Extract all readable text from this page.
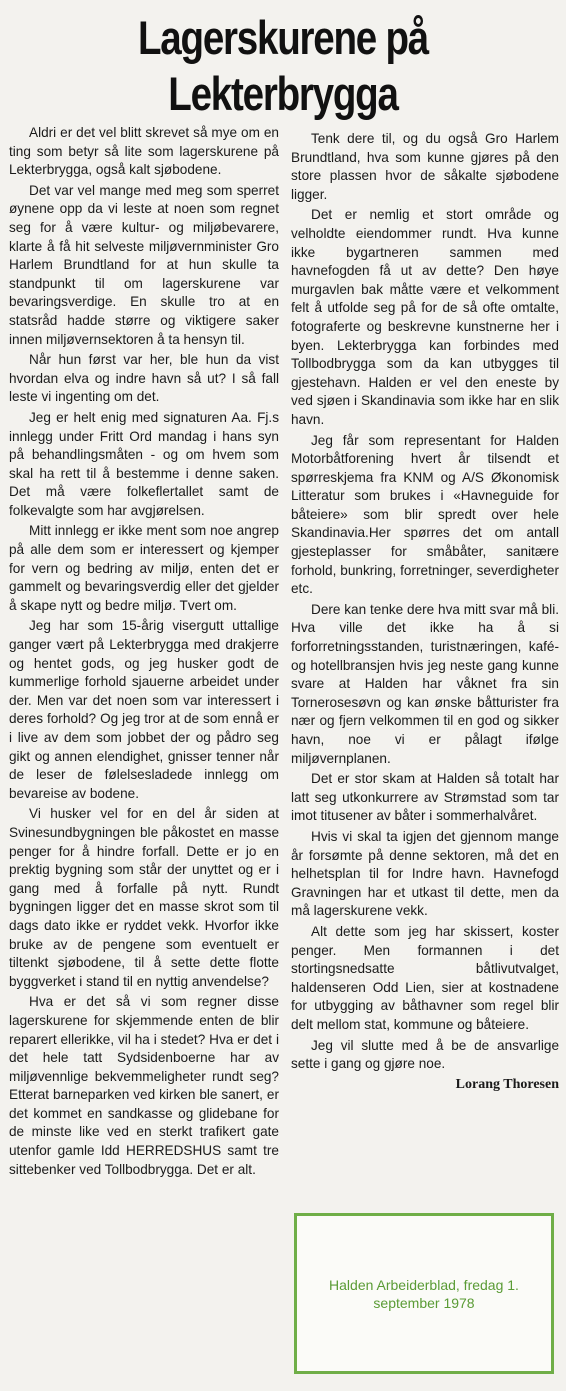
Lagerskurene på
Lekterbrygga

Aldri er det vel blitt skrevet så mye om en ting som betyr så lite som lagerskurene på Lekterbrygga, også kalt sjøbodene.

Det var vel mange med meg som sperret øynene opp da vi leste at noen som regnet seg for å være kultur- og miljøbevarere, klarte å få hit selveste miljøvernminister Gro Harlem Brundtland for at hun skulle ta standpunkt til om lagerskurene var bevaringsverdige. En skulle tro at en statsråd hadde større og viktigere saker innen miljøvernsektoren å ta hensyn til.

Når hun først var her, ble hun da vist hvordan elva og indre havn så ut? I så fall leste vi ingenting om det.

Jeg er helt enig med signaturen Aa. Fj.s innlegg under Fritt Ord mandag i hans syn på behandlingsmåten - og om hvem som skal ha rett til å bestemme i denne saken. Det må være folkeflertallet samt de folkevalgte som har avgjørelsen.

Mitt innlegg er ikke ment som noe angrep på alle dem som er interessert og kjemper for vern og bedring av miljø, enten det er gammelt og bevaringsverdig eller det gjelder å skape nytt og bedre miljø. Tvert om.

Jeg har som 15-årig visergutt uttallige ganger vært på Lekterbrygga med drakjerre og hentet gods, og jeg husker godt de kummerlige forhold sjauerne arbeidet under der. Men var det noen som var interessert i deres forhold? Og jeg tror at de som ennå er i live av dem som jobbet der og pådro seg gikt og annen elendighet, gnisser tenner når de leser de følelsesladede innlegg om bevareise av bodene.

Vi husker vel for en del år siden at Svinesundbygningen ble påkostet en masse penger for å hindre forfall. Dette er jo en prektig bygning som står der unyttet og er i gang med å forfalle på nytt. Rundt bygningen ligger det en masse skrot som til dags dato ikke er ryddet vekk. Hvorfor ikke bruke av de pengene som eventuelt er tiltenkt sjøbodene, til å sette dette flotte byggverket i stand til en nyttig anvendelse?

Hva er det så vi som regner disse lagerskurene for skjemmende enten de blir reparert ellerikke, vil ha i stedet? Hva er det i det hele tatt Sydsidenboerne har av miljøvennlige bekvemmeligheter rundt seg? Etterat barneparken ved kirken ble sanert, er det kommet en sandkasse og glidebane for de minste like ved en sterkt trafikert gate utenfor gamle Idd HERREDSHUS samt tre sittebenker ved Tollbodbrygga. Det er alt.

Tenk dere til, og du også Gro Harlem Brundtland, hva som kunne gjøres på den store plassen hvor de såkalte sjøbodene ligger.

Det er nemlig et stort område og velholdte eiendommer rundt. Hva kunne ikke bygartneren sammen med havnefogden få ut av dette? Den høye murgavlen bak måtte være et velkomment felt å utfolde seg på for de så ofte omtalte, fotograferte og beskrevne kunstnerne her i byen. Lekterbrygga kan forbindes med Tollbodbrygga som da kan utbygges til gjestehavn. Halden er vel den eneste by ved sjøen i Skandinavia som ikke har en slik havn.

Jeg får som representant for Halden Motorbåtforening hvert år tilsendt et spørreskjema fra KNM og A/S Økonomisk Litteratur som brukes i «Havneguide for båteiere» som blir spredt over hele Skandinavia.Her spørres det om antall gjesteplasser for småbåter, sanitære forhold, bunkring, forretninger, severdigheter etc.

Dere kan tenke dere hva mitt svar må bli. Hva ville det ikke ha å si forforretningsstanden, turistnæringen, kafé- og hotellbransjen hvis jeg neste gang kunne svare at Halden har våknet fra sin Tornerosesøvn og kan ønske båtturister fra nær og fjern velkommen til en god og sikker havn, noe vi er pålagt ifølge miljøvernplanen.

Det er stor skam at Halden så totalt har latt seg utkonkurrere av Strømstad som tar imot titusener av båter i sommerhalvåret.

Hvis vi skal ta igjen det gjennom mange år forsømte på denne sektoren, må det en helhetsplan til for Indre havn. Havnefogd Gravningen har et utkast til dette, men da må lagerskurene vekk.

Alt dette som jeg har skissert, koster penger. Men formannen i det stortingsnedsatte båtlivutvalget, haldenseren Odd Lien, sier at kostnadene for utbygging av båthavner som regel blir delt mellom stat, kommune og båteiere.

Jeg vil slutte med å be de ansvarlige sette i gang og gjøre noe.

Lorang Thoresen

Halden Arbeiderblad, fredag 1. september 1978
